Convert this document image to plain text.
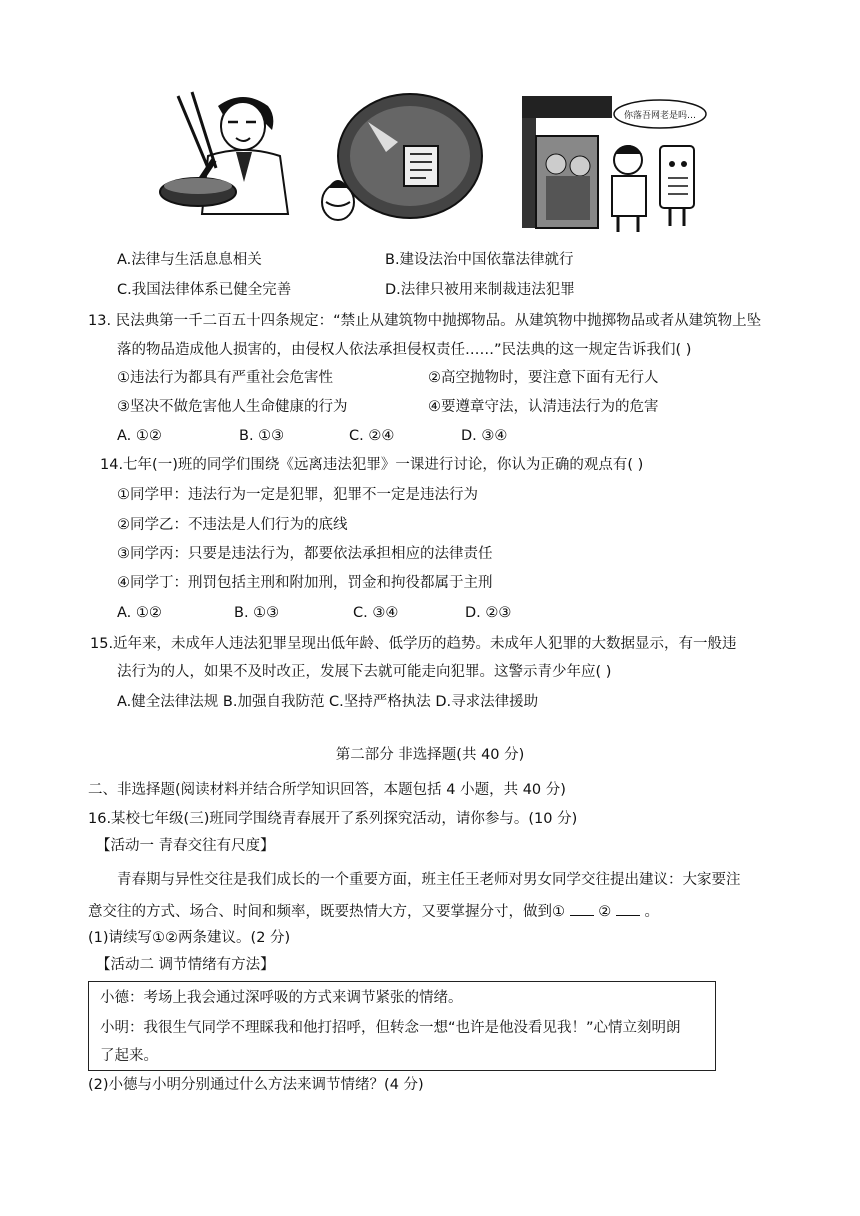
你落吾网老是吗…
A.法律与生活息息相关	B.建设法治中国依靠法律就行
C.我国法律体系已健全完善	D.法律只被用来制裁违法犯罪
13. 民法典第一千二百五十四条规定：“禁止从建筑物中抛掷物品。从建筑物中抛掷物品或者从建筑物上坠
落的物品造成他人损害的，由侵权人依法承担侵权责任……”民法典的这一规定告诉我们( )
①违法行为都具有严重社会危害性	②高空抛物时，要注意下面有无行人
③坚决不做危害他人生命健康的行为	④要遵章守法，认清违法行为的危害
A. ①②	B. ①③	C. ②④	D. ③④
14.七年(一)班的同学们围绕《远离违法犯罪》一课进行讨论，你认为正确的观点有( )
①同学甲：违法行为一定是犯罪，犯罪不一定是违法行为
②同学乙：不违法是人们行为的底线
③同学丙：只要是违法行为，都要依法承担相应的法律责任
④同学丁：刑罚包括主刑和附加刑，罚金和拘役都属于主刑
A. ①②	B. ①③	C. ③④	D. ②③
15.近年来，未成年人违法犯罪呈现出低年龄、低学历的趋势。未成年人犯罪的大数据显示，有一般违
法行为的人，如果不及时改正，发展下去就可能走向犯罪。这警示青少年应( )
A.健全法律法规 B.加强自我防范 C.坚持严格执法 D.寻求法律援助
第二部分 非选择题(共 40 分)
二、非选择题(阅读材料并结合所学知识回答，本题包括 4 小题，共 40 分)
16.某校七年级(三)班同学围绕青春展开了系列探究活动，请你参与。(10 分)
【活动一 青春交往有尺度】
青春期与异性交往是我们成长的一个重要方面，班主任王老师对男女同学交往提出建议：大家要注
意交往的方式、场合、时间和频率，既要热情大方，又要掌握分寸，做到① ② 。
(1)请续写①②两条建议。(2 分)
【活动二 调节情绪有方法】
小德：考场上我会通过深呼吸的方式来调节紧张的情绪。
小明：我很生气同学不理睬我和他打招呼，但转念一想“也许是他没看见我！”心情立刻明朗
了起来。
(2)小德与小明分别通过什么方法来调节情绪？(4 分)
